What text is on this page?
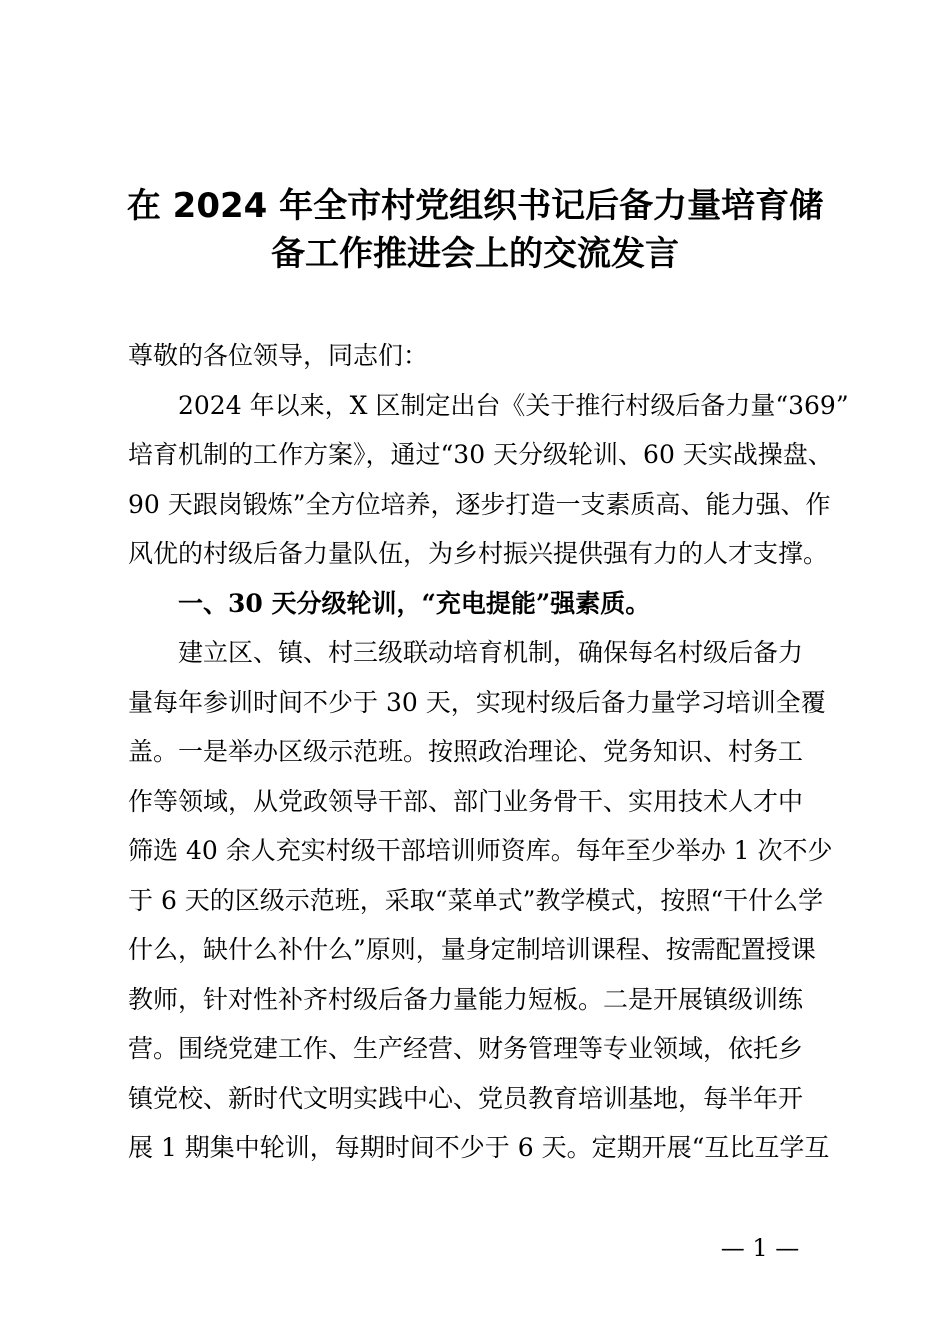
在 2024 年全市村党组织书记后备力量培育储
备工作推进会上的交流发言

尊敬的各位领导，同志们：

2024 年以来，X 区制定出台《关于推行村级后备力量“369”
培育机制的工作方案》，通过“30 天分级轮训、60 天实战操盘、
90 天跟岗锻炼”全方位培养，逐步打造一支素质高、能力强、作
风优的村级后备力量队伍，为乡村振兴提供强有力的人才支撑。

一、30 天分级轮训，“充电提能”强素质。

建立区、镇、村三级联动培育机制，确保每名村级后备力
量每年参训时间不少于 30 天，实现村级后备力量学习培训全覆
盖。一是举办区级示范班。按照政治理论、党务知识、村务工
作等领域，从党政领导干部、部门业务骨干、实用技术人才中
筛选 40 余人充实村级干部培训师资库。每年至少举办 1 次不少
于 6 天的区级示范班，采取“菜单式”教学模式，按照“干什么学
什么，缺什么补什么”原则，量身定制培训课程、按需配置授课
教师，针对性补齐村级后备力量能力短板。二是开展镇级训练
营。围绕党建工作、生产经营、财务管理等专业领域，依托乡
镇党校、新时代文明实践中心、党员教育培训基地，每半年开
展 1 期集中轮训，每期时间不少于 6 天。定期开展“互比互学互

— 1 —
